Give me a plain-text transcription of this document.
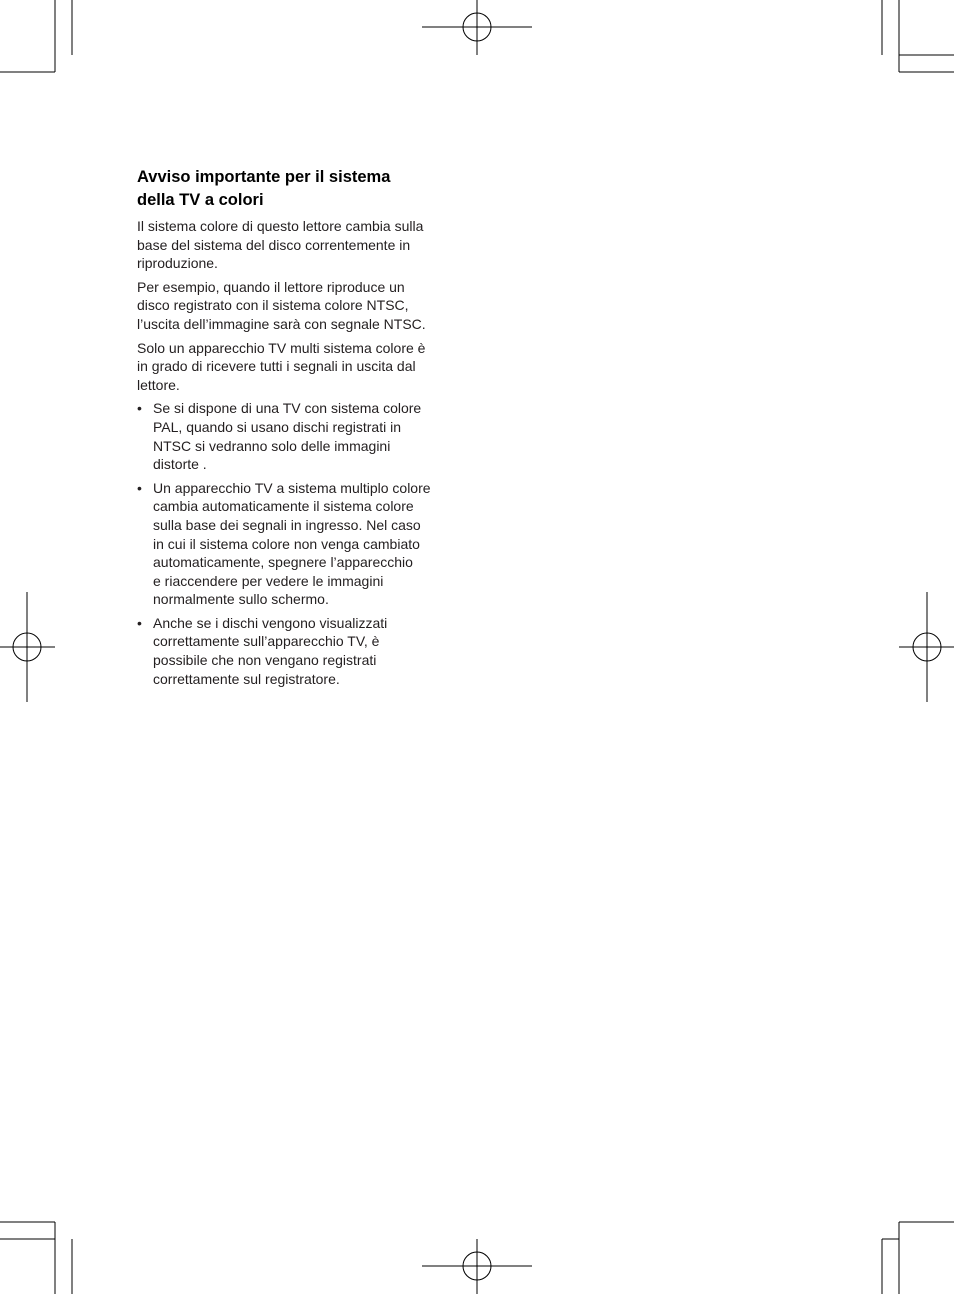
Avviso importante per il sistema
della TV a colori

Il sistema colore di questo lettore cambia sulla
base del sistema del disco correntemente in
riproduzione.

Per esempio, quando il lettore riproduce un
disco registrato con il sistema colore NTSC,
l’uscita dell’immagine sarà con segnale NTSC.

Solo un apparecchio TV multi sistema colore è
in grado di ricevere tutti i segnali in uscita dal
lettore.

• Se si dispone di una TV con sistema colore
PAL, quando si usano dischi registrati in
NTSC si vedranno solo delle immagini
distorte .
• Un apparecchio TV a sistema multiplo colore
cambia automaticamente il sistema colore
sulla base dei segnali in ingresso. Nel caso
in cui il sistema colore non venga cambiato
automaticamente, spegnere l’apparecchio
e riaccendere per vedere le immagini
normalmente sullo schermo.
• Anche se i dischi vengono visualizzati
correttamente sull’apparecchio TV, è
possibile che non vengano registrati
correttamente sul registratore.
